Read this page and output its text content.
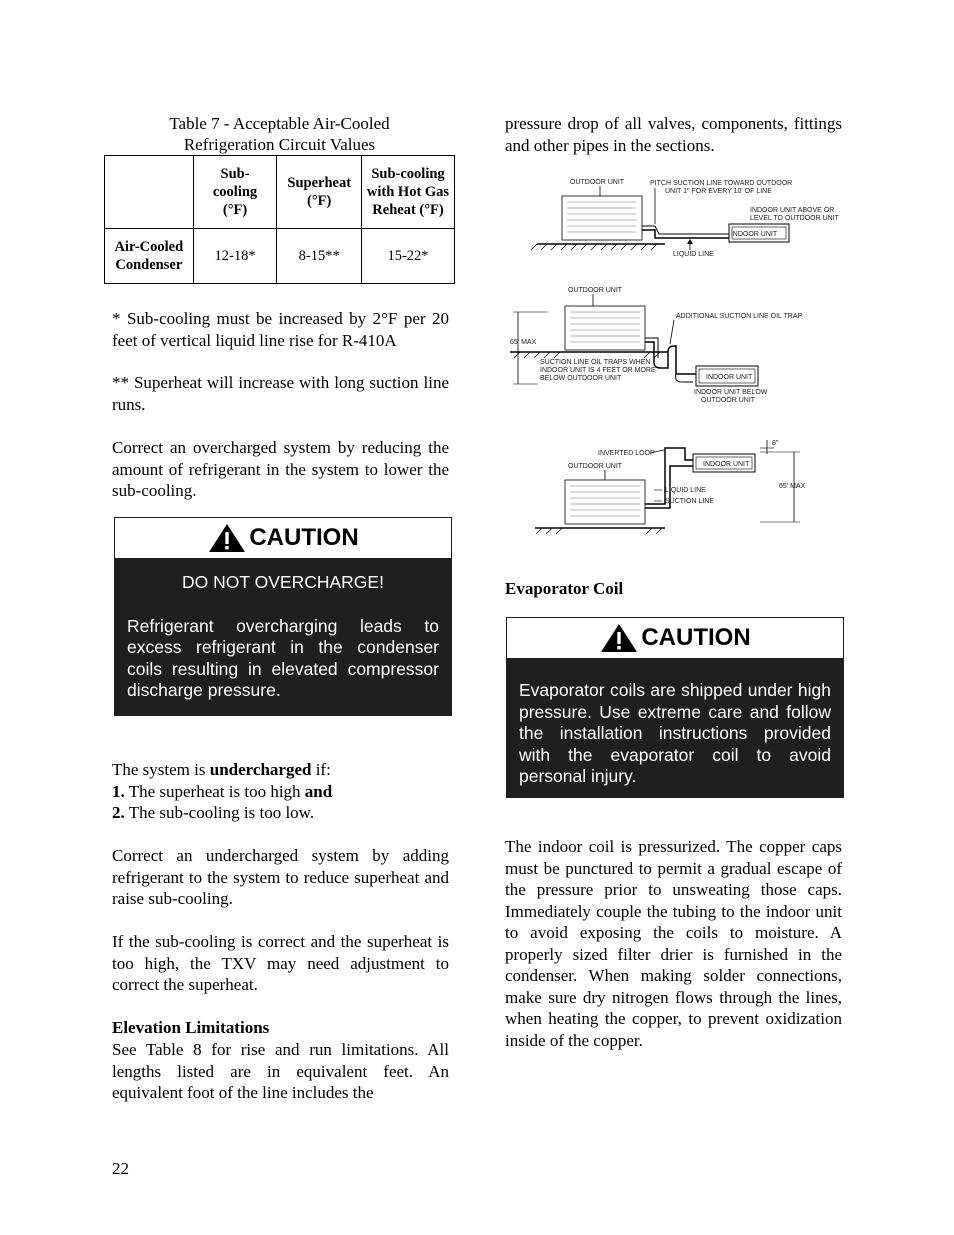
Table 7 - Acceptable Air-Cooled
Refrigeration Circuit Values

	Sub-cooling (°F)	Superheat (°F)	Sub-cooling with Hot Gas Reheat (°F)

Air-Cooled Condenser	12-18*	8-15**	15-22*
* Sub-cooling must be increased by 2°F per 20 feet of vertical liquid line rise for R-410A
** Superheat will increase with long suction line runs.
Correct an overcharged system by reducing the amount of refrigerant in the system to lower the sub-cooling.
CAUTION
DO NOT OVERCHARGE!
Refrigerant overcharging leads to excess refrigerant in the condenser coils resulting in elevated compressor discharge pressure.
The system is undercharged if:
1. The superheat is too high and
2. The sub-cooling is too low.
Correct an undercharged system by adding refrigerant to the system to reduce superheat and raise sub-cooling.
If the sub-cooling is correct and the superheat is too high, the TXV may need adjustment to correct the superheat.
Elevation Limitations
See Table 8 for rise and run limitations. All lengths listed are in equivalent feet. An equivalent foot of the line includes the
pressure drop of all valves, components, fittings and other pipes in the sections.
INDOOR UNIT
OUTDOOR UNIT	PITCH SUCTION LINE TOWARD OUTDOOR
UNIT 1" FOR EVERY 10' OF LINE
INDOOR UNIT ABOVE OR
LEVEL TO OUTDOOR UNIT
LIQUID LINE
OUTDOOR UNIT
INDOOR UNIT
ADDITIONAL SUCTION LINE OIL TRAP
65' MAX
SUCTION LINE OIL TRAPS WHEN
INDOOR UNIT IS 4 FEET OR MORE
BELOW OUTDOOR UNIT
INDOOR UNIT BELOW
OUTDOOR UNIT
OUTDOOR UNIT	INDOOR UNIT
INVERTED LOOP
LIQUID LINE
SUCTION LINE
8"
65' MAX
Evaporator Coil
CAUTION
Evaporator coils are shipped under high pressure. Use extreme care and follow the installation instructions provided with the evaporator coil to avoid personal injury.
The indoor coil is pressurized. The copper caps must be punctured to permit a gradual escape of the pressure prior to unsweating those caps. Immediately couple the tubing to the indoor unit to avoid exposing the coils to moisture. A properly sized filter drier is furnished in the condenser. When making solder connections, make sure dry nitrogen flows through the lines, when heating the copper, to prevent oxidization inside of the copper.
22
